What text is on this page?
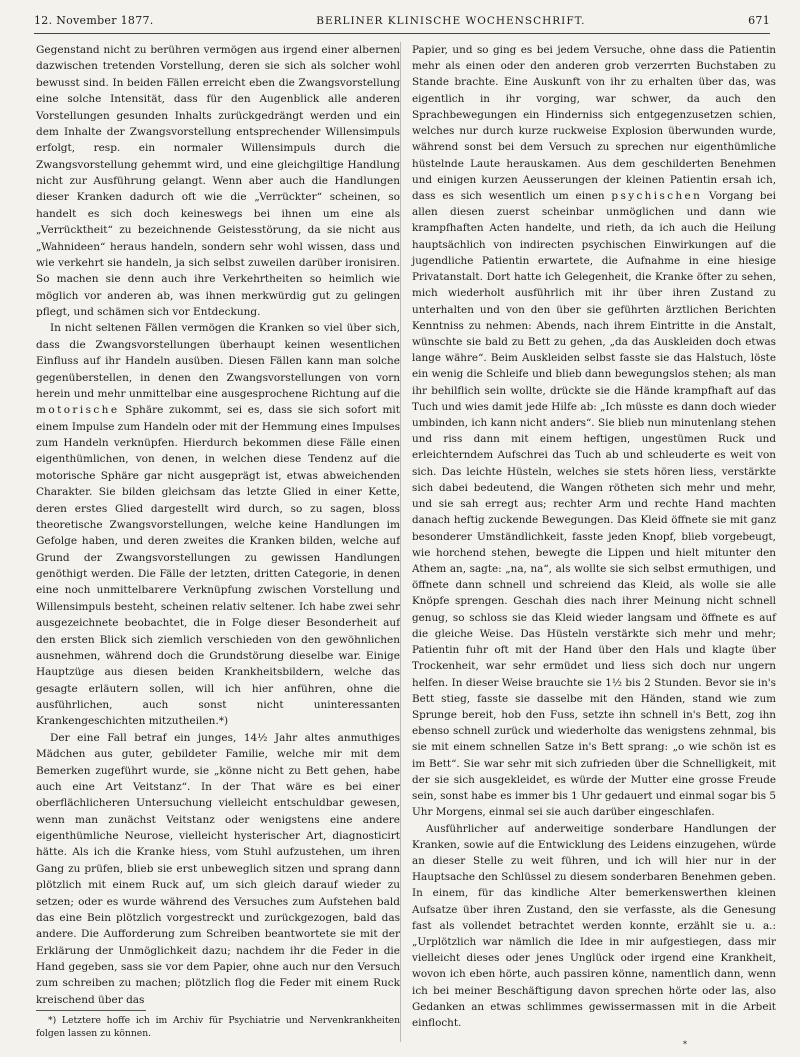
12. November 1877.	BERLINER KLINISCHE WOCHENSCHRIFT.	671

Gegenstand nicht zu berühren vermögen aus irgend einer albernen dazwischen tretenden Vorstellung, deren sie sich als solcher wohl bewusst sind. In beiden Fällen erreicht eben die Zwangsvorstellung eine solche Intensität, dass für den Augenblick alle anderen Vorstellungen gesunden Inhalts zurückgedrängt werden und ein dem Inhalte der Zwangsvorstellung entsprechender Willensimpuls erfolgt, resp. ein normaler Willensimpuls durch die Zwangsvorstellung gehemmt wird, und eine gleichgiltige Handlung nicht zur Ausführung gelangt. Wenn aber auch die Handlungen dieser Kranken dadurch oft wie die „Verrückter“ scheinen, so handelt es sich doch keineswegs bei ihnen um eine als „Verrücktheit“ zu bezeichnende Geistesstörung, da sie nicht aus „Wahnideen“ heraus handeln, sondern sehr wohl wissen, dass und wie verkehrt sie handeln, ja sich selbst zuweilen darüber ironisiren. So machen sie denn auch ihre Verkehrtheiten so heimlich wie möglich vor anderen ab, was ihnen merkwürdig gut zu gelingen pflegt, und schämen sich vor Entdeckung.

In nicht seltenen Fällen vermögen die Kranken so viel über sich, dass die Zwangsvorstellungen überhaupt keinen wesentlichen Einfluss auf ihr Handeln ausüben. Diesen Fällen kann man solche gegenüberstellen, in denen den Zwangsvorstellungen von vorn herein und mehr unmittelbar eine ausgesprochene Richtung auf die motorische Sphäre zukommt, sei es, dass sie sich sofort mit einem Impulse zum Handeln oder mit der Hemmung eines Impulses zum Handeln verknüpfen. Hierdurch bekommen diese Fälle einen eigenthümlichen, von denen, in welchen diese Tendenz auf die motorische Sphäre gar nicht ausgeprägt ist, etwas abweichenden Charakter. Sie bilden gleichsam das letzte Glied in einer Kette, deren erstes Glied dargestellt wird durch, so zu sagen, bloss theoretische Zwangsvorstellungen, welche keine Handlungen im Gefolge haben, und deren zweites die Kranken bilden, welche auf Grund der Zwangsvorstellungen zu gewissen Handlungen genöthigt werden. Die Fälle der letzten, dritten Categorie, in denen eine noch unmittelbarere Verknüpfung zwischen Vorstellung und Willensimpuls besteht, scheinen relativ seltener. Ich habe zwei sehr ausgezeichnete beobachtet, die in Folge dieser Besonderheit auf den ersten Blick sich ziemlich verschieden von den gewöhnlichen ausnehmen, während doch die Grundstörung dieselbe war. Einige Hauptzüge aus diesen beiden Krankheitsbildern, welche das gesagte erläutern sollen, will ich hier anführen, ohne die ausführlichen, auch sonst nicht uninteressanten Krankengeschichten mitzutheilen.*)

Der eine Fall betraf ein junges, 14½ Jahr altes anmuthiges Mädchen aus guter, gebildeter Familie, welche mir mit dem Bemerken zugeführt wurde, sie „könne nicht zu Bett gehen, habe auch eine Art Veitstanz“. In der That wäre es bei einer oberflächlicheren Untersuchung vielleicht entschuldbar gewesen, wenn man zunächst Veitstanz oder wenigstens eine andere eigenthümliche Neurose, vielleicht hysterischer Art, diagnosticirt hätte. Als ich die Kranke hiess, vom Stuhl aufzustehen, um ihren Gang zu prüfen, blieb sie erst unbeweglich sitzen und sprang dann plötzlich mit einem Ruck auf, um sich gleich darauf wieder zu setzen; oder es wurde während des Versuches zum Aufstehen bald das eine Bein plötzlich vorgestreckt und zurückgezogen, bald das andere. Die Aufforderung zum Schreiben beantwortete sie mit der Erklärung der Unmöglichkeit dazu; nachdem ihr die Feder in die Hand gegeben, sass sie vor dem Papier, ohne auch nur den Versuch zum schreiben zu machen; plötzlich flog die Feder mit einem Ruck kreischend über das

Papier, und so ging es bei jedem Versuche, ohne dass die Patientin mehr als einen oder den anderen grob verzerrten Buchstaben zu Stande brachte. Eine Auskunft von ihr zu erhalten über das, was eigentlich in ihr vorging, war schwer, da auch den Sprachbewegungen ein Hinderniss sich entgegenzusetzen schien, welches nur durch kurze ruckweise Explosion überwunden wurde, während sonst bei dem Versuch zu sprechen nur eigenthümliche hüstelnde Laute herauskamen. Aus dem geschilderten Benehmen und einigen kurzen Aeusserungen der kleinen Patientin ersah ich, dass es sich wesentlich um einen psychischen Vorgang bei allen diesen zuerst scheinbar unmöglichen und dann wie krampfhaften Acten handelte, und rieth, da ich auch die Heilung hauptsächlich von indirecten psychischen Einwirkungen auf die jugendliche Patientin erwartete, die Aufnahme in eine hiesige Privatanstalt. Dort hatte ich Gelegenheit, die Kranke öfter zu sehen, mich wiederholt ausführlich mit ihr über ihren Zustand zu unterhalten und von den über sie geführten ärztlichen Berichten Kenntniss zu nehmen: Abends, nach ihrem Eintritte in die Anstalt, wünschte sie bald zu Bett zu gehen, „da das Auskleiden doch etwas lange währe“. Beim Auskleiden selbst fasste sie das Halstuch, löste ein wenig die Schleife und blieb dann bewegungslos stehen; als man ihr behilflich sein wollte, drückte sie die Hände krampfhaft auf das Tuch und wies damit jede Hilfe ab: „Ich müsste es dann doch wieder umbinden, ich kann nicht anders“. Sie blieb nun minutenlang stehen und riss dann mit einem heftigen, ungestümen Ruck und erleichterndem Aufschrei das Tuch ab und schleuderte es weit von sich. Das leichte Hüsteln, welches sie stets hören liess, verstärkte sich dabei bedeutend, die Wangen rötheten sich mehr und mehr, und sie sah erregt aus; rechter Arm und rechte Hand machten danach heftig zuckende Bewegungen. Das Kleid öffnete sie mit ganz besonderer Umständlichkeit, fasste jeden Knopf, blieb vorgebeugt, wie horchend stehen, bewegte die Lippen und hielt mitunter den Athem an, sagte: „na, na“, als wollte sie sich selbst ermuthigen, und öffnete dann schnell und schreiend das Kleid, als wolle sie alle Knöpfe sprengen. Geschah dies nach ihrer Meinung nicht schnell genug, so schloss sie das Kleid wieder langsam und öffnete es auf die gleiche Weise. Das Hüsteln verstärkte sich mehr und mehr; Patientin fuhr oft mit der Hand über den Hals und klagte über Trockenheit, war sehr ermüdet und liess sich doch nur ungern helfen. In dieser Weise brauchte sie 1½ bis 2 Stunden. Bevor sie in's Bett stieg, fasste sie dasselbe mit den Händen, stand wie zum Sprunge bereit, hob den Fuss, setzte ihn schnell in's Bett, zog ihn ebenso schnell zurück und wiederholte das wenigstens zehnmal, bis sie mit einem schnellen Satze in's Bett sprang: „o wie schön ist es im Bett“. Sie war sehr mit sich zufrieden über die Schnelligkeit, mit der sie sich ausgekleidet, es würde der Mutter eine grosse Freude sein, sonst habe es immer bis 1 Uhr gedauert und einmal sogar bis 5 Uhr Morgens, einmal sei sie auch darüber eingeschlafen.

Ausführlicher auf anderweitige sonderbare Handlungen der Kranken, sowie auf die Entwicklung des Leidens einzugehen, würde an dieser Stelle zu weit führen, und ich will hier nur in der Hauptsache den Schlüssel zu diesem sonderbaren Benehmen geben. In einem, für das kindliche Alter bemerkenswerthen kleinen Aufsatze über ihren Zustand, den sie verfasste, als die Genesung fast als vollendet betrachtet werden konnte, erzählt sie u. a.: „Urplötzlich war nämlich die Idee in mir aufgestiegen, dass mir vielleicht dieses oder jenes Unglück oder irgend eine Krankheit, wovon ich eben hörte, auch passiren könne, namentlich dann, wenn ich bei meiner Beschäftigung davon sprechen hörte oder las, also Gedanken an etwas schlimmes gewissermassen mit in die Arbeit einflocht.

*) Letztere hoffe ich im Archiv für Psychiatrie und Nervenkrankheiten folgen lassen zu können.
*
